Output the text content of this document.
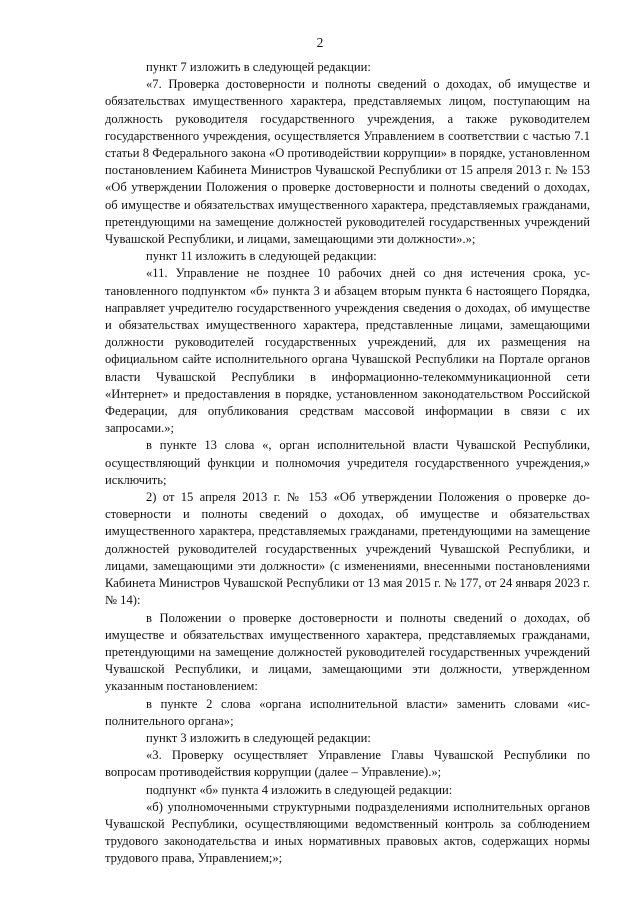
2

пункт 7 изложить в следующей редакции:

«7. Проверка достоверности и полноты сведений о доходах, об имуществе и обязательствах имущественного характера, представляемых лицом, поступающим на должность руководителя государственного учреждения, а также руководителем государственного учреждения, осуществляется Управлением в соответствии с частью 7.1 статьи 8 Федерального закона «О противодействии коррупции» в порядке, установленном постановлением Кабинета Министров Чувашской Республики от 15 апреля 2013 г. № 153 «Об утверждении Положения о проверке достоверности и полноты сведений о доходах, об имуществе и обязательствах имущественного характера, представляемых гражданами, претендующими на замещение должностей руководителей государственных учреждений Чувашской Республики, и лицами, замещающими эти должности».»;

пункт 11 изложить в следующей редакции:

«11. Управление не позднее 10 рабочих дней со дня истечения срока, установленного подпунктом «б» пункта 3 и абзацем вторым пункта 6 настоящего Порядка, направляет учредителю государственного учреждения сведения о доходах, об имуществе и обязательствах имущественного характера, представленные лицами, замещающими должности руководителей государственных учреждений, для их размещения на официальном сайте исполнительного органа Чувашской Республики на Портале органов власти Чувашской Республики в информационно-телекоммуникационной сети «Интернет» и предоставления в порядке, установленном законодательством Российской Федерации, для опубликования средствам массовой информации в связи с их запросами.»;

в пункте 13 слова «, орган исполнительной власти Чувашской Республики, осуществляющий функции и полномочия учредителя государственного учреждения,» исключить;

2) от 15 апреля 2013 г. № 153 «Об утверждении Положения о проверке достоверности и полноты сведений о доходах, об имуществе и обязательствах имущественного характера, представляемых гражданами, претендующими на замещение должностей руководителей государственных учреждений Чувашской Республики, и лицами, замещающими эти должности» (с изменениями, внесенными постановлениями Кабинета Министров Чувашской Республики от 13 мая 2015 г. № 177, от 24 января 2023 г. № 14):

в Положении о проверке достоверности и полноты сведений о доходах, об имуществе и обязательствах имущественного характера, представляемых гражданами, претендующими на замещение должностей руководителей государственных учреждений Чувашской Республики, и лицами, замещающими эти должности, утвержденном указанным постановлением:

в пункте 2 слова «органа исполнительной власти» заменить словами «исполнительного органа»;

пункт 3 изложить в следующей редакции:

«3. Проверку осуществляет Управление Главы Чувашской Республики по вопросам противодействия коррупции (далее – Управление).»;

подпункт «б» пункта 4 изложить в следующей редакции:

«б) уполномоченными структурными подразделениями исполнительных органов Чувашской Республики, осуществляющими ведомственный контроль за соблюдением трудового законодательства и иных нормативных правовых актов, содержащих нормы трудового права, Управлением;»;
